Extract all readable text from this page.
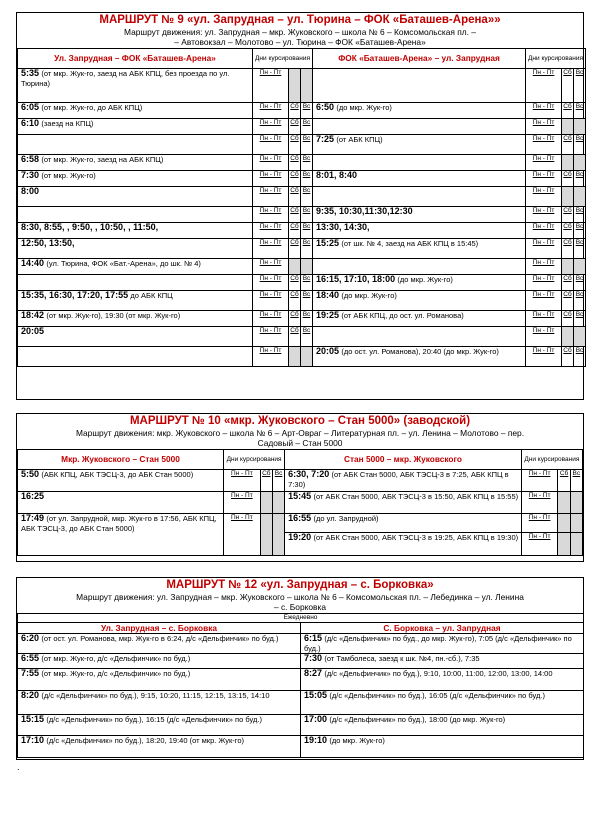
МАРШРУТ № 9 «ул. Запрудная – ул. Тюрина – ФОК «Баташев-Арена»»
Маршрут движения: ул. Запрудная – мкр. Жуковского – школа № 6 – Комсомольская пл. –
– Автовокзал – Молотово – ул. Тюрина – ФОК «Баташев-Арена»
Ул. Запрудная – ФОК «Баташев-Арена»	Дни курсирования			ФОК «Баташев-Арена» – ул. Запрудная	Дни курсирования		
5:35 (от мкр. Жук-го, заезд на АБК КПЦ, без проезда по ул. Тюрина)	Пн - Пт				Пн - Пт	Сб	Вс
6:05 (от мкр. Жук-го, до АБК КПЦ)	Пн - Пт	Сб	Вс	6:50 (до мкр. Жук-го)	Пн - Пт	Сб	Вс
6:10 (заезд на КПЦ)	Пн - Пт	Сб	Вс		Пн - Пт		
	Пн - Пт	Сб	Вс	7:25 (от АБК КПЦ)	Пн - Пт	Сб	Вс
6:58 (от мкр. Жук-го, заезд на АБК КПЦ)	Пн - Пт	Сб	Вс		Пн - Пт		
7:30 (от мкр. Жук-го)	Пн - Пт	Сб	Вс	8:01, 8:40	Пн - Пт	Сб	Вс
8:00	Пн - Пт	Сб	Вс		Пн - Пт		
	Пн - Пт	Сб	Вс	9:35, 10:30,11:30,12:30	Пн - Пт	Сб	Вс
8:30, 8:55, , 9:50, , 10:50, , 11:50,	Пн - Пт	Сб	Вс	13:30, 14:30,	Пн - Пт	Сб	Вс
12:50, 13:50,	Пн - Пт	Сб	Вс	15:25 (от шк. № 4, заезд на АБК КПЦ в 15:45)	Пн - Пт	Сб	Вс
14:40 (ул. Тюрина, ФОК «Бат.-Арена», до шк. № 4)	Пн - Пт				Пн - Пт		
	Пн - Пт	Сб	Вс	16:15, 17:10, 18:00 (до мкр. Жук-го)	Пн - Пт	Сб	Вс
15:35, 16:30, 17:20, 17:55 до АБК КПЦ	Пн - Пт	Сб	Вс	18:40 (до мкр. Жук-го)	Пн - Пт	Сб	Вс
18:42 (от мкр. Жук-го), 19:30 (от мкр. Жук-го)	Пн - Пт	Сб	Вс	19:25 (от АБК КПЦ, до ост. ул. Романова)	Пн - Пт	Сб	Вс
20:05	Пн - Пт	Сб	Вс		Пн - Пт		
	Пн - Пт			20:05 (до ост. ул. Романова), 20:40 (до мкр. Жук-го)	Пн - Пт	Сб	Вс
МАРШРУТ № 10 «мкр. Жуковского – Стан 5000» (заводской)
Маршрут движения: мкр. Жуковского – школа № 6 – Арт-Овраг – Литературная пл. – ул. Ленина – Молотово – пер.
Садовый – Стан 5000
Мкр. Жуковского – Стан 5000	Дни курсирования			Стан 5000 – мкр. Жуковского	Дни курсирования		
5:50 (АБК КПЦ, АБК ТЭСЦ-3, до АБК Стан 5000)	Пн - Пт	Сб	Вс	6:30, 7:20 (от АБК Стан 5000, АБК ТЭСЦ-3 в 7:25, АБК КПЦ в 7:30)	Пн - Пт	Сб	Вс
16:25	Пн - Пт			15:45 (от АБК Стан 5000, АБК ТЭСЦ-3 в 15:50, АБК КПЦ в 15:55)	Пн - Пт		
17:49 (от ул. Запрудной, мкр. Жук-го в 17:56, АБК КПЦ, АБК ТЭСЦ-3, до АБК Стан 5000)	Пн - Пт			16:55 (до ул. Запрудной)	Пн - Пт		
				19:20 (от АБК Стан 5000, АБК ТЭСЦ-3 в 19:25, АБК КПЦ в 19:30)	Пн - Пт		
МАРШРУТ № 12 «ул. Запрудная – с. Борковка»
Маршрут движения: ул. Запрудная – мкр. Жуковского – школа № 6 – Комсомольская пл. – Лебединка – ул. Ленина
– с. Борковка
Ежедневно	
Ул. Запрудная – с. Борковка	С. Борковка – ул. Запрудная
6:20 (от ост. ул. Романова, мкр. Жук-го в 6:24, д/с «Дельфинчик» по буд.)	6:15 (д/с «Дельфинчик» по буд., до мкр. Жук-го), 7:05 (д/с «Дельфинчик» по буд.)
6:55 (от мкр. Жук-го, д/с «Дельфинчик» по буд.)	7:30 (от Тамболеса, заезд к шк. №4, пн.-сб.), 7:35
7:55 (от мкр. Жук-го, д/с «Дельфинчик» по буд.)	8:27 (д/с «Дельфинчик» по буд.), 9:10, 10:00, 11:00, 12:00, 13:00, 14:00
8:20 (д/с «Дельфинчик» по буд.), 9:15, 10:20, 11:15, 12:15, 13:15, 14:10	15:05 (д/с «Дельфинчик» по буд.), 16:05 (д/с «Дельфинчик» по буд.)
15:15 (д/с «Дельфинчик» по буд.), 16:15 (д/с «Дельфинчик» по буд.)	17:00 (д/с «Дельфинчик» по буд.), 18:00 (до мкр. Жук-го)
17:10 (д/с «Дельфинчик» по буд.), 18:20, 19:40 (от мкр. Жук-го)	19:10 (до мкр. Жук-го)
.
